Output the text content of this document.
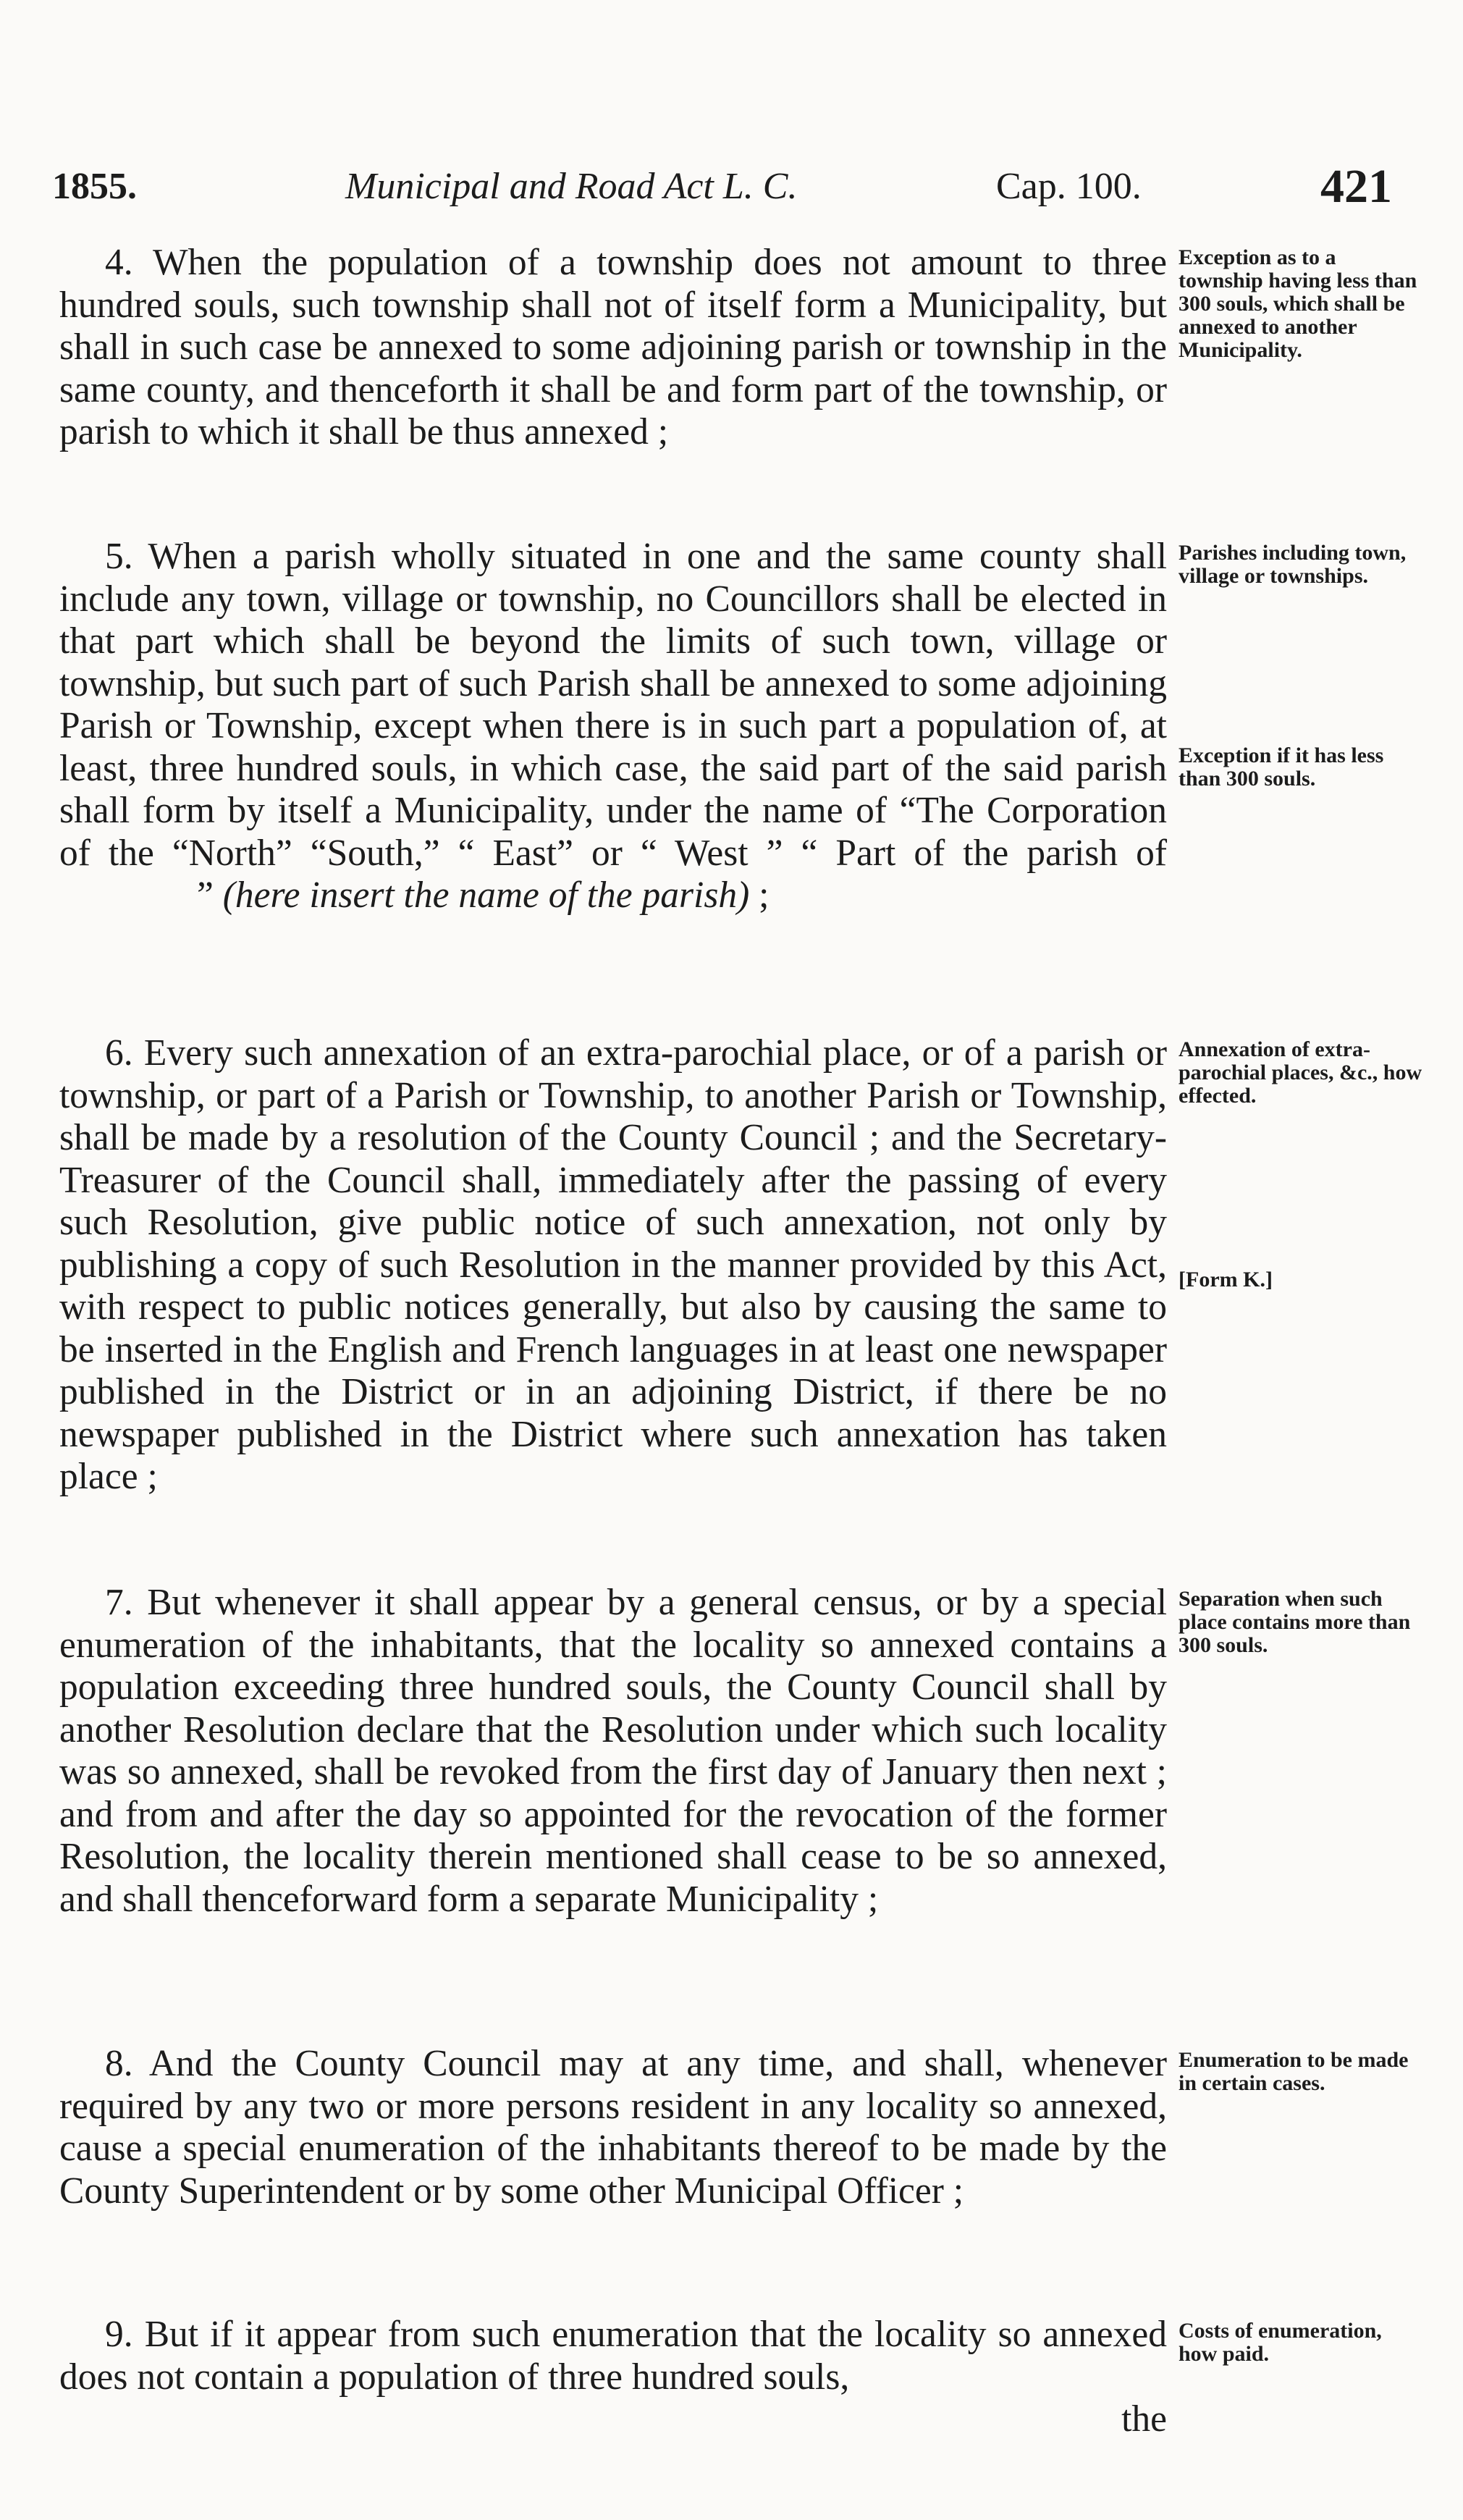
1855.	Municipal and Road Act L. C.	Cap. 100.	421

4. When the population of a township does not amount to three hundred souls, such township shall not of itself form a Municipality, but shall in such case be annexed to some adjoining parish or township in the same county, and thenceforth it shall be and form part of the township, or parish to which it shall be thus annexed ;

Exception as to a township having less than 300 souls, which shall be annexed to another Municipality.

5. When a parish wholly situated in one and the same county shall include any town, village or township, no Councillors shall be elected in that part which shall be beyond the limits of such town, village or township, but such part of such Parish shall be annexed to some adjoining Parish or Township, except when there is in such part a population of, at least, three hundred souls, in which case, the said part of the said parish shall form by itself a Municipality, under the name of “The Corporation of the “North” “South,” “ East” or “ West ” “ Part of the parish of” (here insert the name of the parish) ;

Parishes including town, village or townships.

Exception if it has less than 300 souls.

6. Every such annexation of an extra-parochial place, or of a parish or township, or part of a Parish or Township, to another Parish or Township, shall be made by a resolution of the County Council ; and the Secretary-Treasurer of the Council shall, immediately after the passing of every such Resolution, give public notice of such annexation, not only by publishing a copy of such Resolution in the manner provided by this Act, with respect to public notices generally, but also by causing the same to be inserted in the English and French languages in at least one newspaper published in the District or in an adjoining District, if there be no newspaper published in the District where such annexation has taken place ;

Annexation of extra-parochial places, &c., how effected.

[Form K.]

7. But whenever it shall appear by a general census, or by a special enumeration of the inhabitants, that the locality so annexed contains a population exceeding three hundred souls, the County Council shall by another Resolution declare that the Resolution under which such locality was so annexed, shall be revoked from the first day of January then next ; and from and after the day so appointed for the revocation of the former Resolution, the locality therein mentioned shall cease to be so annexed, and shall thenceforward form a separate Municipality ;

Separation when such place contains more than 300 souls.

8. And the County Council may at any time, and shall, whenever required by any two or more persons resident in any locality so annexed, cause a special enumeration of the inhabitants thereof to be made by the County Superintendent or by some other Municipal Officer ;

Enumeration to be made in certain cases.

9. But if it appear from such enumeration that the locality so annexed does not contain a population of three hundred souls,

the

Costs of enumeration, how paid.
